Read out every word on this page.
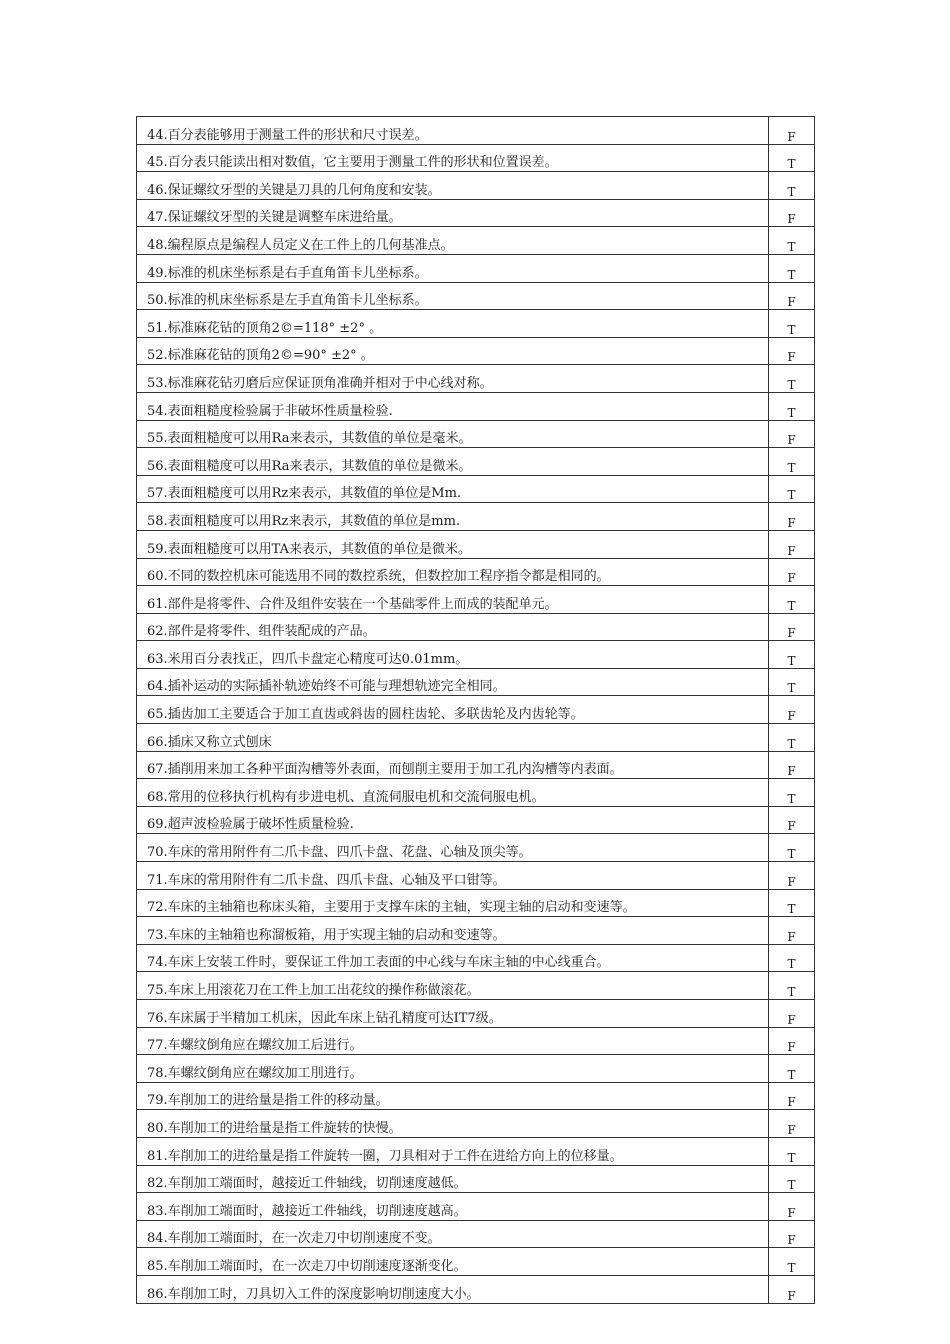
44.百分表能够用于测量工件的形状和尺寸误差。	F
45.百分表只能读出相对数值，它主要用于测量工件的形状和位置误差。	T
46.保证螺纹牙型的关键是刀具的几何角度和安装。	T
47.保证螺纹牙型的关键是调整车床进给量。	F
48.编程原点是编程人员定义在工件上的几何基准点。	T
49.标准的机床坐标系是右手直角笛卡儿坐标系。	T
50.标准的机床坐标系是左手直角笛卡儿坐标系。	F
51.标准麻花钻的顶角2©=118° ±2° 。	T
52.标准麻花钻的顶角2©=90° ±2° 。	F
53.标准麻花钻刃磨后应保证顶角准确并相对于中心线对称。	T
54.表面粗糙度检验属于非破坏性质量检验.	T
55.表面粗糙度可以用Ra来表示，其数值的单位是毫米。	F
56.表面粗糙度可以用Ra来表示，其数值的单位是微米。	T
57.表面粗糙度可以用Rz来表示，其数值的单位是Mm.	T
58.表面粗糙度可以用Rz来表示，其数值的单位是mm.	F
59.表面粗糙度可以用TA来表示，其数值的单位是微米。	F
60.不同的数控机床可能选用不同的数控系统，但数控加工程序指令都是相同的。	F
61.部件是将零件、合件及组件安装在一个基础零件上而成的装配单元。	T
62.部件是将零件、组件装配成的产品。	F
63.米用百分表找正，四爪卡盘定心精度可达0.01mm。	T
64.插补运动的实际插补轨迹始终不可能与理想轨迹完全相同。	T
65.插齿加工主要适合于加工直齿或斜齿的圆柱齿轮、多联齿轮及内齿轮等。	F
66.插床又称立式刨床	T
67.插削用来加工各种平面沟槽等外表面，而刨削主要用于加工孔内沟槽等内表面。	F
68.常用的位移执行机构有步进电机、直流伺服电机和交流伺服电机。	T
69.超声波检验属于破坏性质量检验.	F
70.车床的常用附件有二爪卡盘、四爪卡盘、花盘、心轴及顶尖等。	T
71.车床的常用附件有二爪卡盘、四爪卡盘、心轴及平口钳等。	F
72.车床的主轴箱也称床头箱，主要用于支撑车床的主轴，实现主轴的启动和变速等。	T
73.车床的主轴箱也称溜板箱，用于实现主轴的启动和变速等。	F
74.车床上安装工件时，要保证工件加工表面的中心线与车床主轴的中心线重合。	T
75.车床上用滚花刀在工件上加工出花纹的操作称做滚花。	T
76.车床属于半精加工机床，因此车床上钻孔精度可达IT7级。	F
77.车螺纹倒角应在螺纹加工后进行。	F
78.车螺纹倒角应在螺纹加工刖进行。	T
79.车削加工的进给量是指工件的移动量。	F
80.车削加工的进给量是指工件旋转的快慢。	F
81.车削加工的进给量是指工件旋转一圈，刀具相对于工件在进给方向上的位移量。	T
82.车削加工端面时，越接近工件轴线，切削速度越低。	T
83.车削加工端面时，越接近工件轴线，切削速度越高。	F
84.车削加工端面时，在一次走刀中切削速度不变。	F
85.车削加工端面时，在一次走刀中切削速度逐渐变化。	T
86.车削加工时，刀具切入工件的深度影响切削速度大小。	F
